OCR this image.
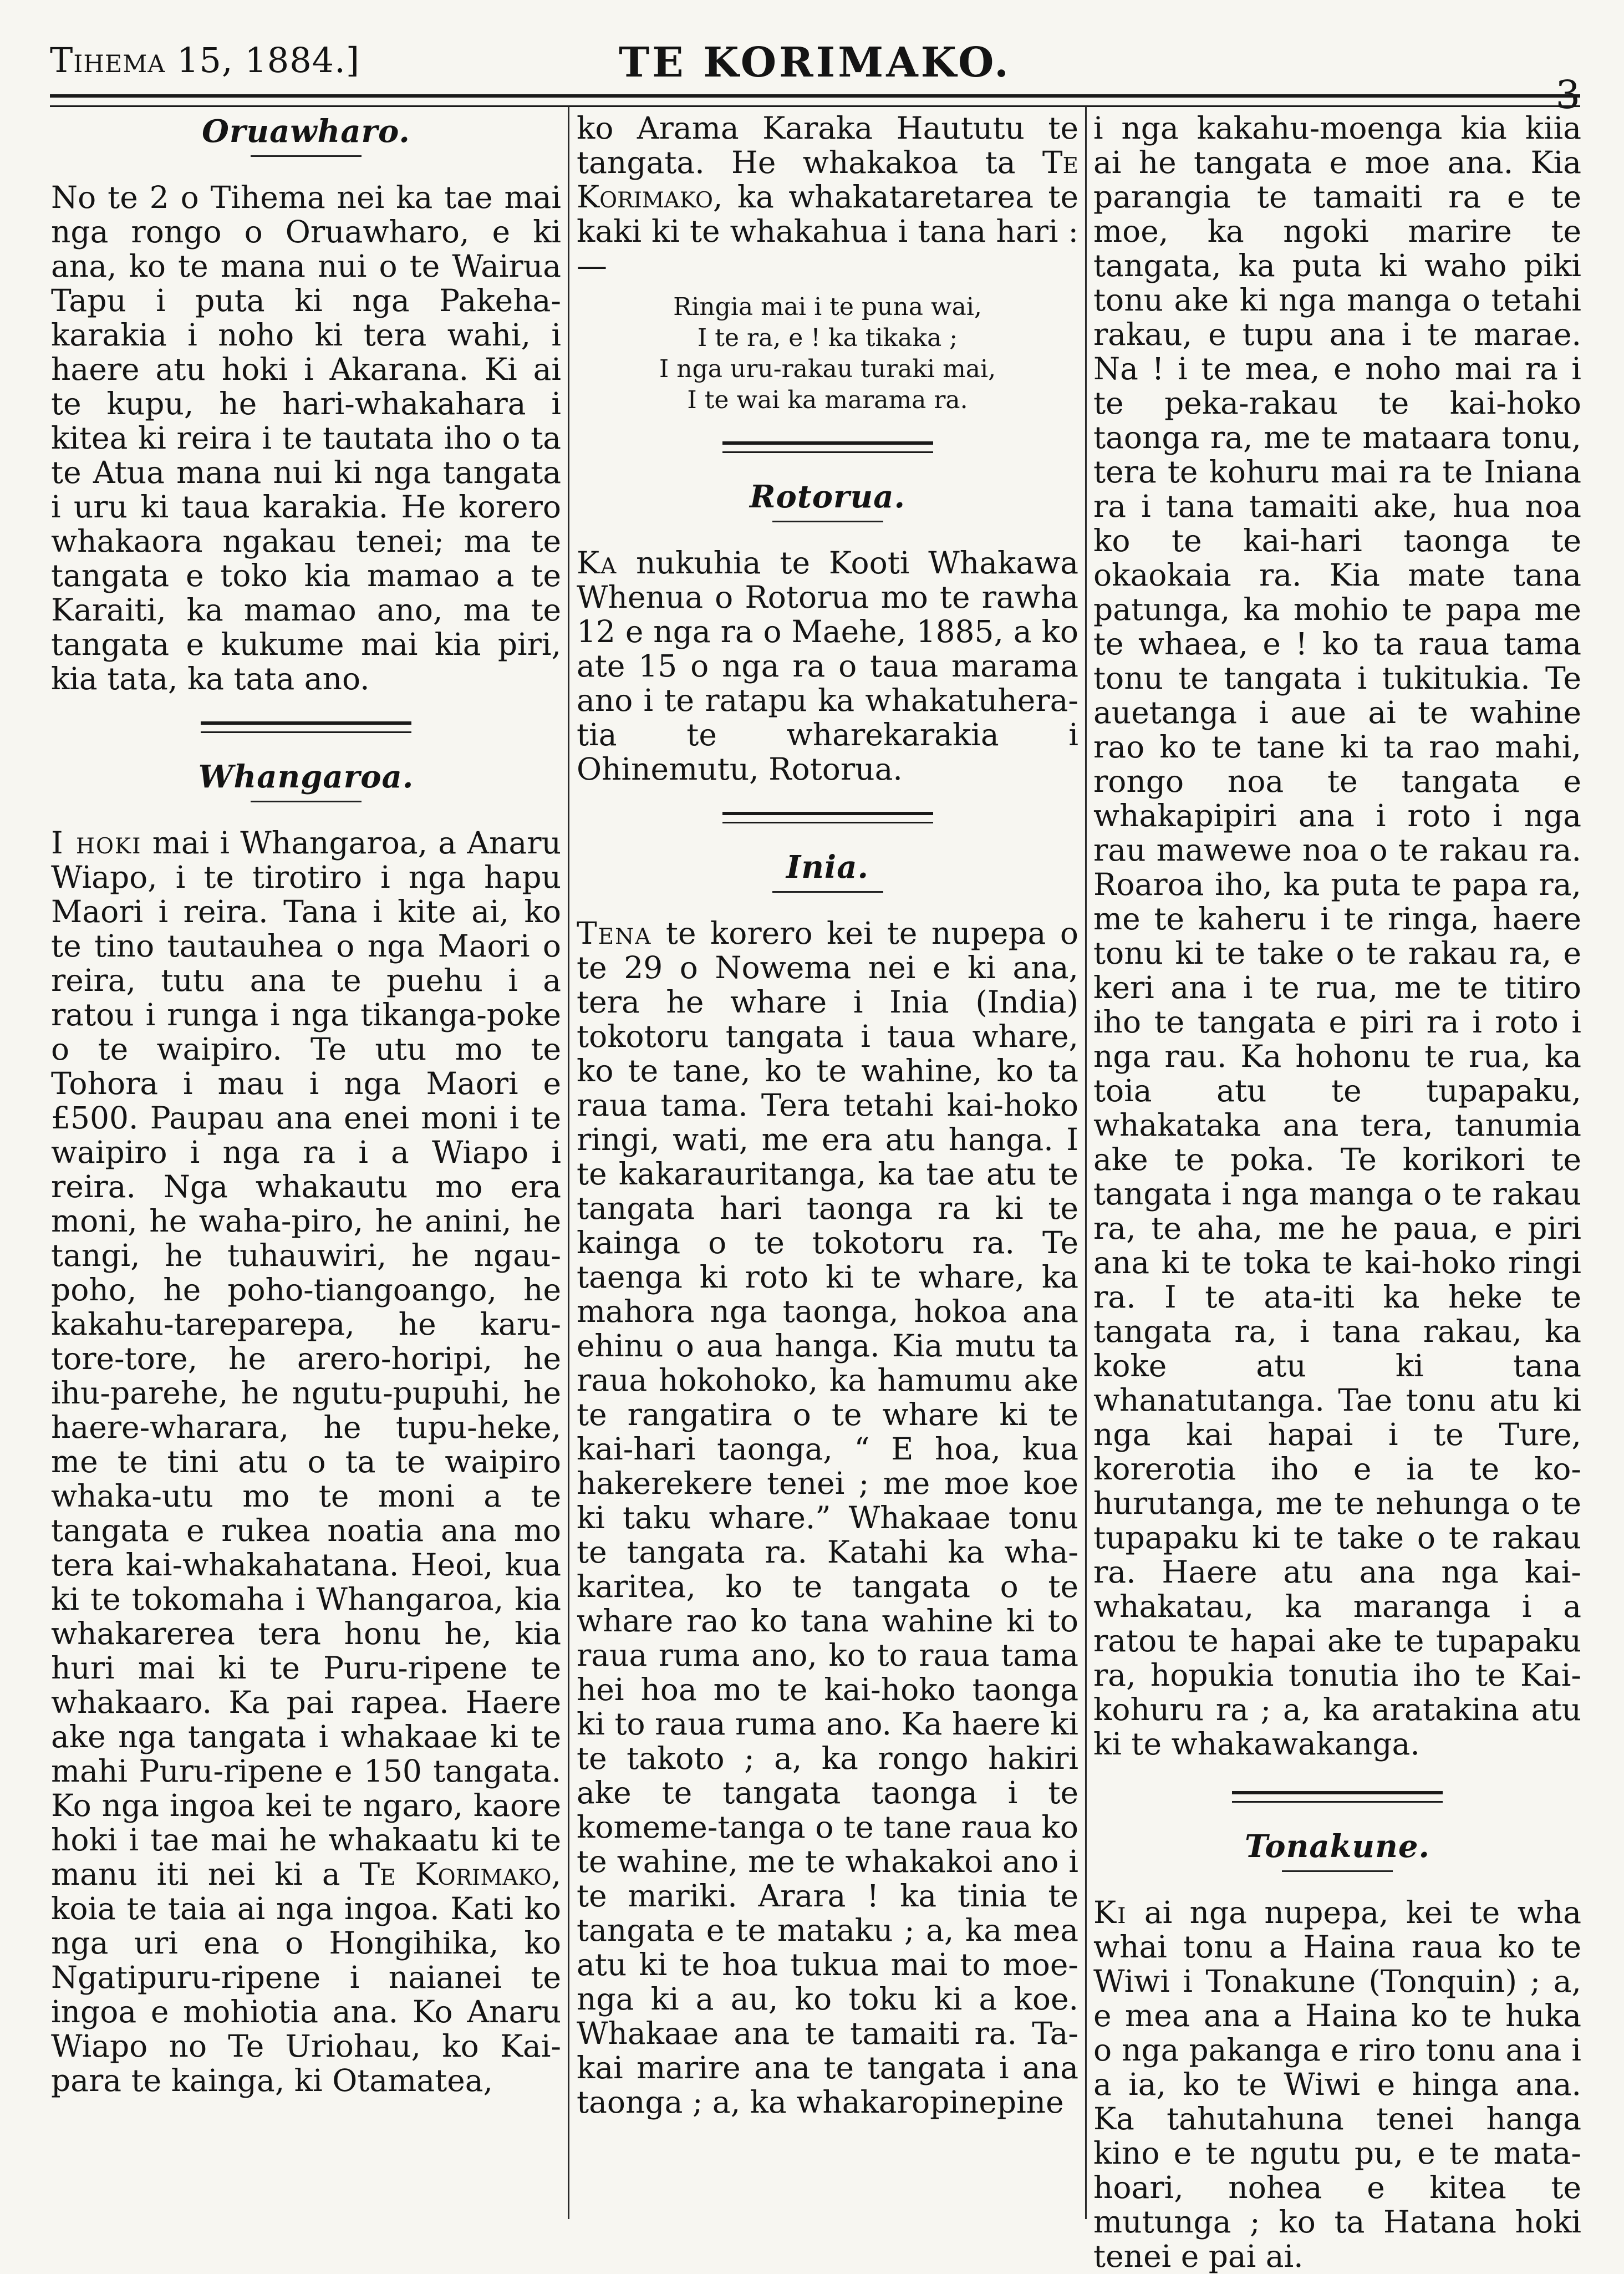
Tihema 15, 1884.]	TE KORIMAKO.
3
Oruawharo.

No te 2 o Tihema nei ka tae mai nga rongo o Oruawharo, e ki ana, ko te mana nui o te Wairua Tapu i puta ki nga Pakeha-karakia i noho ki tera wahi, i haere atu hoki i Akarana. Ki ai te kupu, he hari-whakahara i kitea ki reira i te tautata iho o ta te Atua mana nui ki nga tangata i uru ki taua karakia. He korero whakaora ngakau tenei; ma te tangata e toko kia mamao a te Karaiti, ka mamao ano, ma te tangata e kukume mai kia piri, kia tata, ka tata ano.

Whangaroa.

I hoki mai i Whangaroa, a Anaru Wiapo, i te tirotiro i nga hapu Maori i reira. Tana i kite ai, ko te tino tautauhea o nga Maori o reira, tutu ana te puehu i a ratou i runga i nga tikanga-poke o te waipiro. Te utu mo te Tohora i mau i nga Maori e £500. Paupau ana enei moni i te waipiro i nga ra i a Wiapo i reira. Nga whakautu mo era moni, he waha-piro, he anini, he tangi, he tuhauwiri, he ngau-poho, he poho-tiangoango, he kakahu-tareparepa, he karu-tore-tore, he arero-horipi, he ihu-parehe, he ngutu-pupuhi, he haere-wharara, he tupu-heke, me te tini atu o ta te waipiro whaka-utu mo te moni a te tangata e rukea noatia ana mo tera kai-whakahatana. Heoi, kua ki te tokomaha i Whangaroa, kia whakarerea tera honu he, kia huri mai ki te Puru-ripene te whakaaro. Ka pai rapea. Haere ake nga tangata i whakaae ki te mahi Puru-ripene e 150 tangata. Ko nga ingoa kei te ngaro, kaore hoki i tae mai he whakaatu ki te manu iti nei ki a Te Korimako, koia te taia ai nga ingoa. Kati ko nga uri ena o Hongihika, ko Ngatipuru-ripene i naianei te ingoa e mohiotia ana. Ko Anaru Wiapo no Te Uriohau, ko Kai-para te kainga, ki Otamatea,

ko Arama Karaka Haututu te tangata. He whakakoa ta Te Korimako, ka whakataretarea te kaki ki te whakahua i tana hari :—

Ringia mai i te puna wai,
I te ra, e ! ka tikaka ;
I nga uru-rakau turaki mai,
I te wai ka marama ra.
Rotorua.

Ka nukuhia te Kooti Whakawa Whenua o Rotorua mo te rawha 12 e nga ra o Maehe, 1885, a ko ate 15 o nga ra o taua marama ano i te ratapu ka whakatuhera-tia te wharekarakia i Ohinemutu, Rotorua.

Inia.

Tena te korero kei te nupepa o te 29 o Nowema nei e ki ana, tera he whare i Inia (India) tokotoru tangata i taua whare, ko te tane, ko te wahine, ko ta raua tama. Tera tetahi kai-hoko ringi, wati, me era atu hanga. I te kakarauritanga, ka tae atu te tangata hari taonga ra ki te kainga o te tokotoru ra. Te taenga ki roto ki te whare, ka mahora nga taonga, hokoa ana ehinu o aua hanga. Kia mutu ta raua hokohoko, ka hamumu ake te rangatira o te whare ki te kai-hari taonga, “ E hoa, kua hakerekere tenei ; me moe koe ki taku whare.” Whakaae tonu te tangata ra. Katahi ka wha-karitea, ko te tangata o te whare rao ko tana wahine ki to raua ruma ano, ko to raua tama hei hoa mo te kai-hoko taonga ki to raua ruma ano. Ka haere ki te takoto ; a, ka rongo hakiri ake te tangata taonga i te komeme-tanga o te tane raua ko te wahine, me te whakakoi ano i te mariki. Arara ! ka tinia te tangata e te mataku ; a, ka mea atu ki te hoa tukua mai to moe-nga ki a au, ko toku ki a koe. Whakaae ana te tamaiti ra. Ta-kai marire ana te tangata i ana taonga ; a, ka whakaropinepine

i nga kakahu-moenga kia kiia ai he tangata e moe ana. Kia parangia te tamaiti ra e te moe, ka ngoki marire te tangata, ka puta ki waho piki tonu ake ki nga manga o tetahi rakau, e tupu ana i te marae. Na ! i te mea, e noho mai ra i te peka-rakau te kai-hoko taonga ra, me te mataara tonu, tera te kohuru mai ra te Iniana ra i tana tamaiti ake, hua noa ko te kai-hari taonga te okaokaia ra. Kia mate tana patunga, ka mohio te papa me te whaea, e ! ko ta raua tama tonu te tangata i tukitukia. Te auetanga i aue ai te wahine rao ko te tane ki ta rao mahi, rongo noa te tangata e whakapipiri ana i roto i nga rau mawewe noa o te rakau ra. Roaroa iho, ka puta te papa ra, me te kaheru i te ringa, haere tonu ki te take o te rakau ra, e keri ana i te rua, me te titiro iho te tangata e piri ra i roto i nga rau. Ka hohonu te rua, ka toia atu te tupapaku, whakataka ana tera, tanumia ake te poka. Te korikori te tangata i nga manga o te rakau ra, te aha, me he paua, e piri ana ki te toka te kai-hoko ringi ra. I te ata-iti ka heke te tangata ra, i tana rakau, ka koke atu ki tana whanatutanga. Tae tonu atu ki nga kai hapai i te Ture, korerotia iho e ia te ko-hurutanga, me te nehunga o te tupapaku ki te take o te rakau ra. Haere atu ana nga kai-whakatau, ka maranga i a ratou te hapai ake te tupapaku ra, hopukia tonutia iho te Kai-kohuru ra ; a, ka aratakina atu ki te whakawakanga.

Tonakune.

Ki ai nga nupepa, kei te wha whai tonu a Haina raua ko te Wiwi i Tonakune (Tonquin) ; a, e mea ana a Haina ko te huka o nga pakanga e riro tonu ana i a ia, ko te Wiwi e hinga ana. Ka tahutahuna tenei hanga kino e te ngutu pu, e te mata-hoari, nohea e kitea te mutunga ; ko ta Hatana hoki tenei e pai ai.
